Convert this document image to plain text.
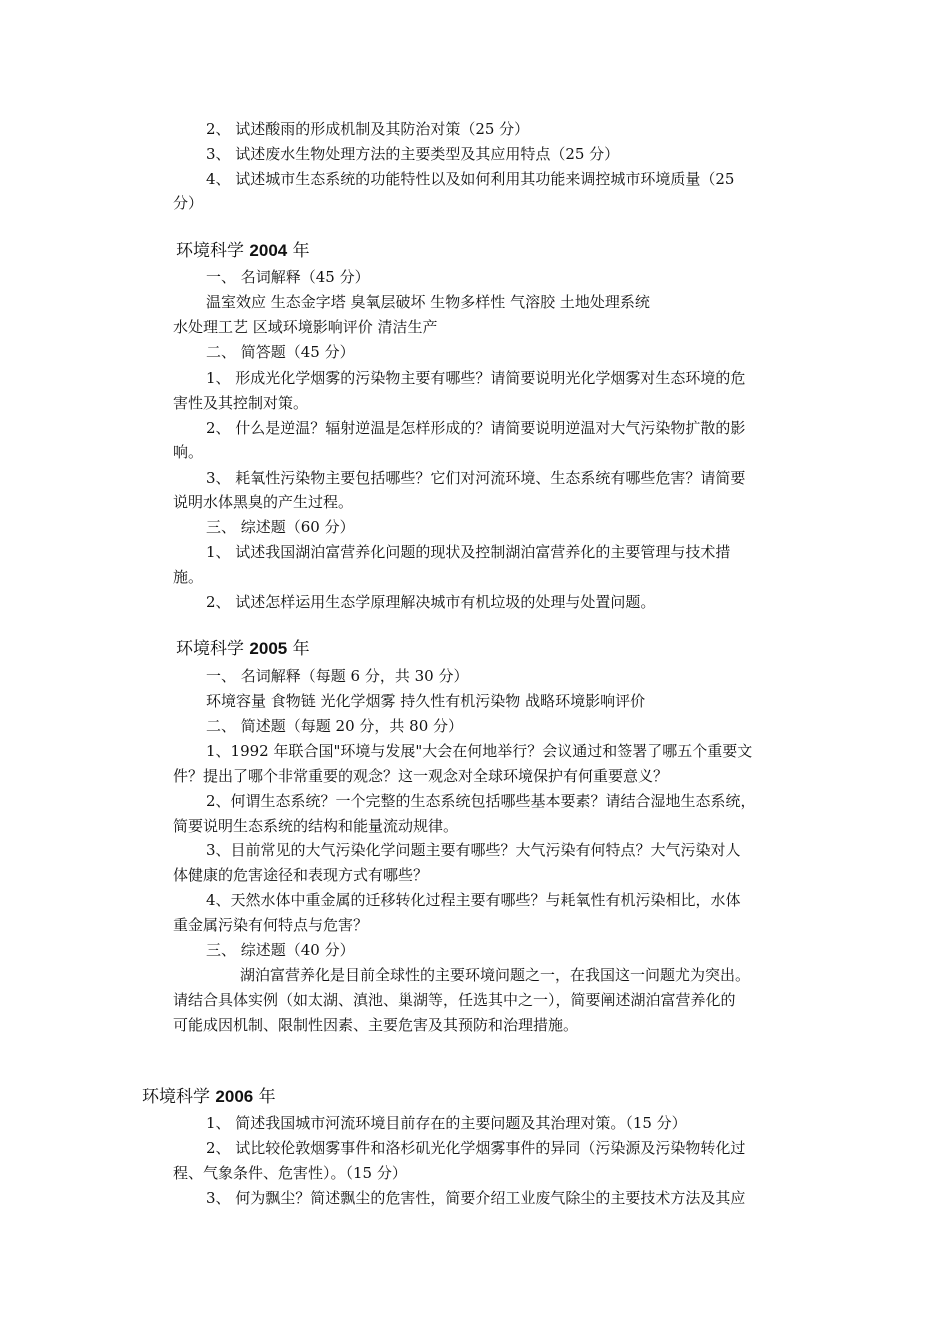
2、 试述酸雨的形成机制及其防治对策（25 分）
3、 试述废水生物处理方法的主要类型及其应用特点（25 分）
4、 试述城市生态系统的功能特性以及如何利用其功能来调控城市环境质量（25
分）
环境科学 2004 年
一、 名词解释（45 分）
温室效应 生态金字塔 臭氧层破坏 生物多样性 气溶胶 土地处理系统
水处理工艺 区域环境影响评价 清洁生产
二、 简答题（45 分）
1、 形成光化学烟雾的污染物主要有哪些？请简要说明光化学烟雾对生态环境的危
害性及其控制对策。
2、 什么是逆温？辐射逆温是怎样形成的？请简要说明逆温对大气污染物扩散的影
响。
3、 耗氧性污染物主要包括哪些？它们对河流环境、生态系统有哪些危害？请简要
说明水体黑臭的产生过程。
三、 综述题（60 分）
1、 试述我国湖泊富营养化问题的现状及控制湖泊富营养化的主要管理与技术措
施。
2、 试述怎样运用生态学原理解决城市有机垃圾的处理与处置问题。
环境科学 2005 年
一、 名词解释（每题 6 分，共 30 分）
环境容量 食物链 光化学烟雾 持久性有机污染物 战略环境影响评价
二、 简述题（每题 20 分，共 80 分）
1、1992 年联合国"环境与发展"大会在何地举行？会议通过和签署了哪五个重要文
件？提出了哪个非常重要的观念？这一观念对全球环境保护有何重要意义？
2、何谓生态系统？一个完整的生态系统包括哪些基本要素？请结合湿地生态系统，
简要说明生态系统的结构和能量流动规律。
3、目前常见的大气污染化学问题主要有哪些？大气污染有何特点？大气污染对人
体健康的危害途径和表现方式有哪些？
4、天然水体中重金属的迁移转化过程主要有哪些？与耗氧性有机污染相比，水体
重金属污染有何特点与危害？
三、 综述题（40 分）
湖泊富营养化是目前全球性的主要环境问题之一，在我国这一问题尤为突出。
请结合具体实例（如太湖、滇池、巢湖等，任选其中之一），简要阐述湖泊富营养化的
可能成因机制、限制性因素、主要危害及其预防和治理措施。
环境科学 2006 年
1、 简述我国城市河流环境目前存在的主要问题及其治理对策。（15 分）
2、 试比较伦敦烟雾事件和洛杉矶光化学烟雾事件的异同（污染源及污染物转化过
程、气象条件、危害性）。（15 分）
3、 何为飘尘？简述飘尘的危害性，简要介绍工业废气除尘的主要技术方法及其应
